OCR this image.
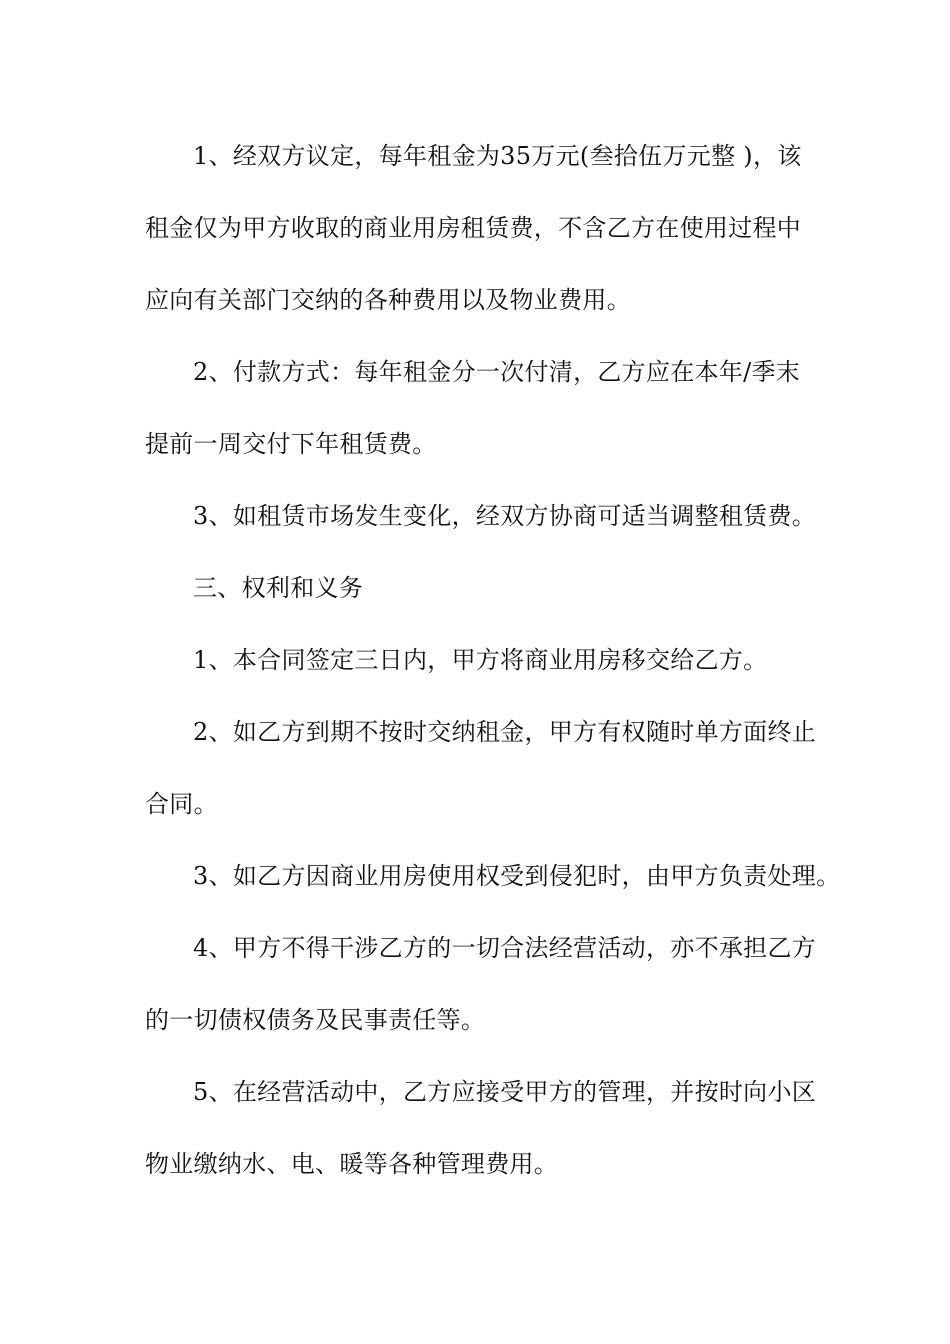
1、经双方议定，每年租金为35万元(叁拾伍万元整 )，该
租金仅为甲方收取的商业用房租赁费，不含乙方在使用过程中
应向有关部门交纳的各种费用以及物业费用。
2、付款方式：每年租金分一次付清，乙方应在本年/季末
提前一周交付下年租赁费。
3、如租赁市场发生变化，经双方协商可适当调整租赁费。
三、权利和义务
1、本合同签定三日内，甲方将商业用房移交给乙方。
2、如乙方到期不按时交纳租金，甲方有权随时单方面终止
合同。
3、如乙方因商业用房使用权受到侵犯时，由甲方负责处理。
4、甲方不得干涉乙方的一切合法经营活动，亦不承担乙方
的一切债权债务及民事责任等。
5、在经营活动中，乙方应接受甲方的管理，并按时向小区
物业缴纳水、电、暖等各种管理费用。
